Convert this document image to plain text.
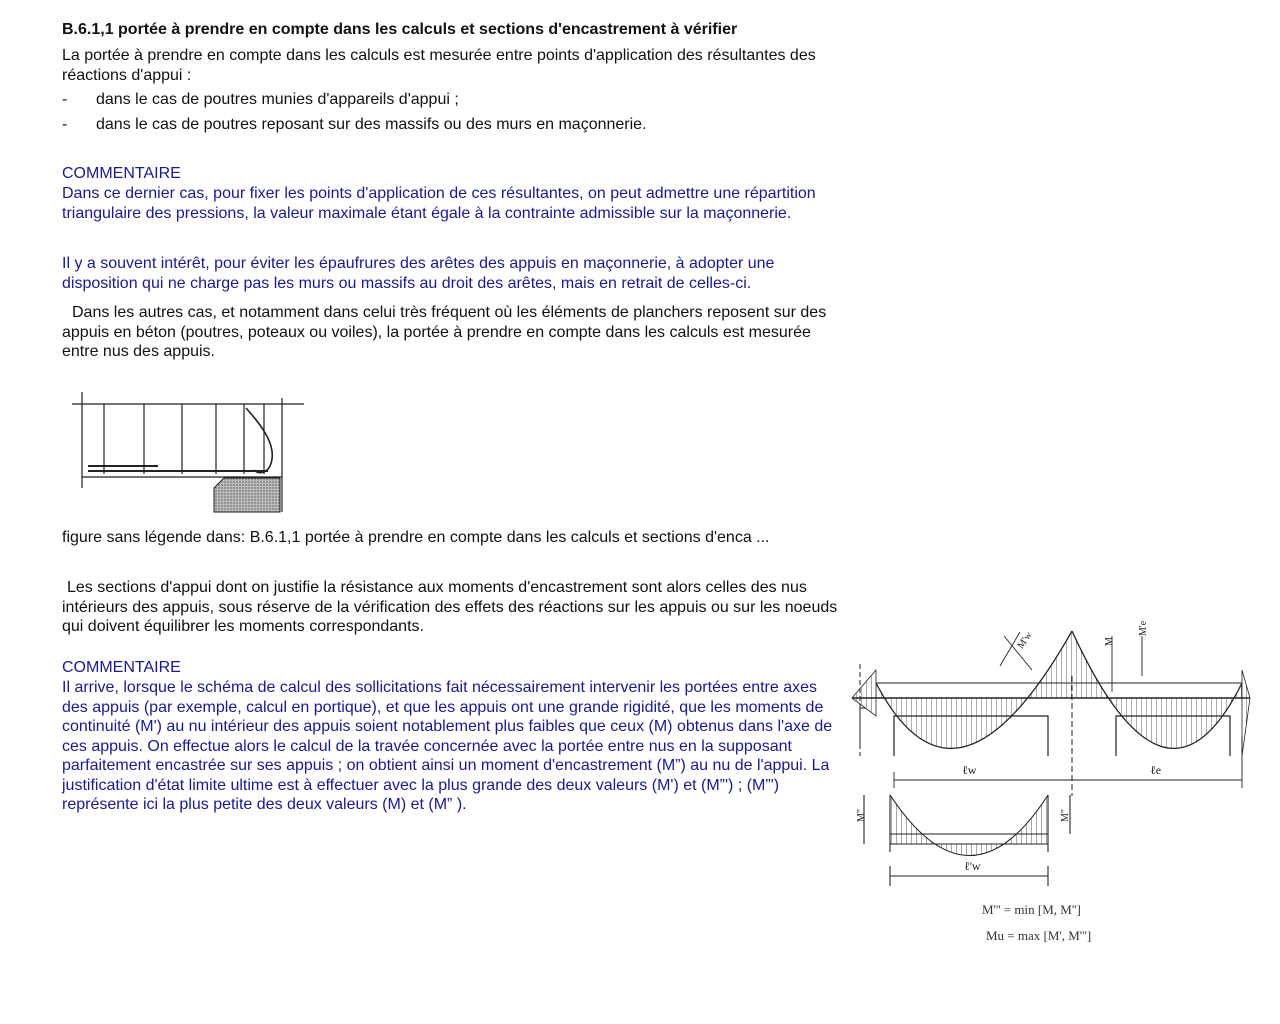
B.6.1,1 portée à prendre en compte dans les calculs et sections d'encastrement à vérifier

La portée à prendre en compte dans les calculs est mesurée entre points d'application des résultantes des réactions d'appui :

- dans le cas de poutres munies d'appareils d'appui ;
- dans le cas de poutres reposant sur des massifs ou des murs en maçonnerie.
COMMENTAIRE

Dans ce dernier cas, pour fixer les points d'application de ces résultantes, on peut admettre une répartition triangulaire des pressions, la valeur maximale étant égale à la contrainte admissible sur la maçonnerie.

Il y a souvent intérêt, pour éviter les épaufrures des arêtes des appuis en maçonnerie, à adopter une disposition qui ne charge pas les murs ou massifs au droit des arêtes, mais en retrait de celles-ci.

Dans les autres cas, et notamment dans celui très fréquent où les éléments de planchers reposent sur des appuis en béton (poutres, poteaux ou voiles), la portée à prendre en compte dans les calculs est mesurée entre nus des appuis.

figure sans légende dans: B.6.1,1 portée à prendre en compte dans les calculs et sections d'enca ...

Les sections d'appui dont on justifie la résistance aux moments d'encastrement sont alors celles des nus intérieurs des appuis, sous réserve de la vérification des effets des réactions sur les appuis ou sur les noeuds qui doivent équilibrer les moments correspondants.

COMMENTAIRE

Il arrive, lorsque le schéma de calcul des sollicitations fait nécessairement intervenir les portées entre axes des appuis (par exemple, calcul en portique), et que les appuis ont une grande rigidité, que les moments de continuité (M') au nu intérieur des appuis soient notablement plus faibles que ceux (M) obtenus dans l'axe de ces appuis. On effectue alors le calcul de la travée concernée avec la portée entre nus en la supposant parfaitement encastrée sur ses appuis ; on obtient ainsi un moment d'encastrement (M”) au nu de l'appui. La justification d'état limite ultime est à effectuer avec la plus grande des deux valeurs (M') et (M”') ; (M”') représente ici la plus petite des deux valeurs (M) et (M” ).

ℓw	ℓe
M'w	M
M'e
M"	M"
ℓ'w
M''' = min [M, M'']
Mu = max [M', M''']
